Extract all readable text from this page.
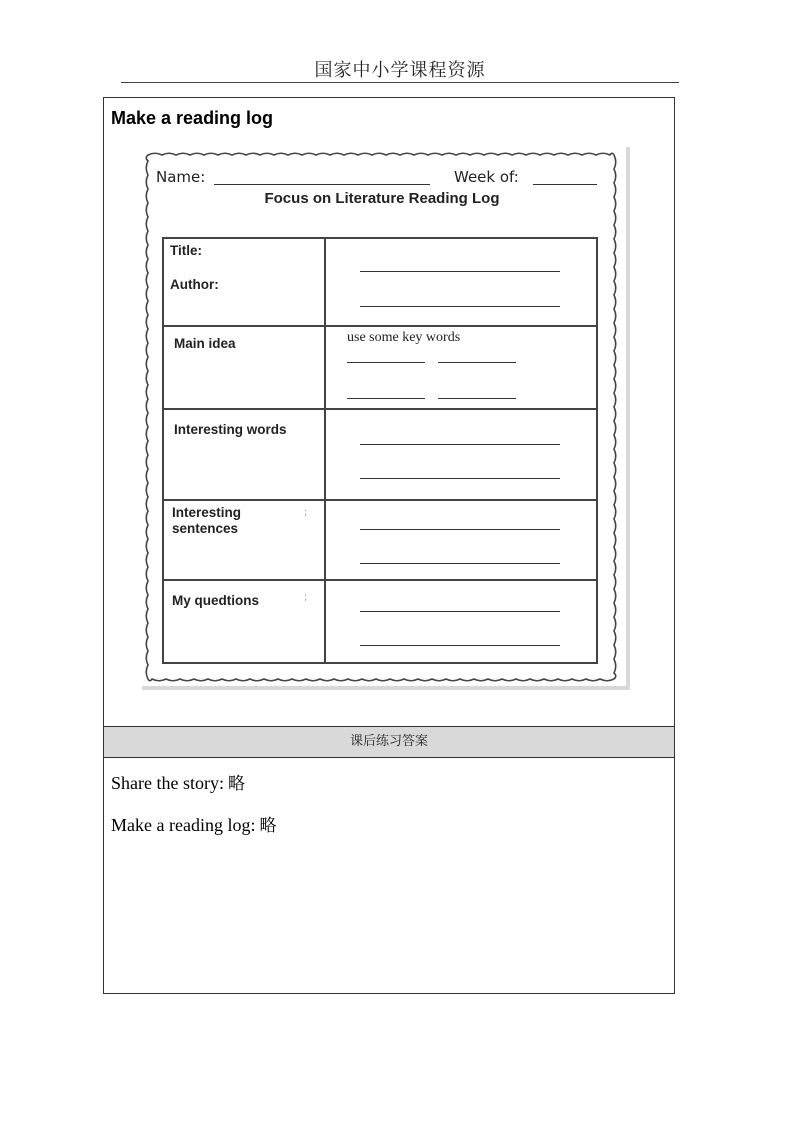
国家中小学课程资源
Make a reading log
Name:	Week of:
Focus on Literature Reading Log
Title:
Author:
Main idea	use some key words
Interesting words
Interesting
sentences
;
My quedtions	;
课后练习答案
Share the story: 略
Make a reading log: 略
